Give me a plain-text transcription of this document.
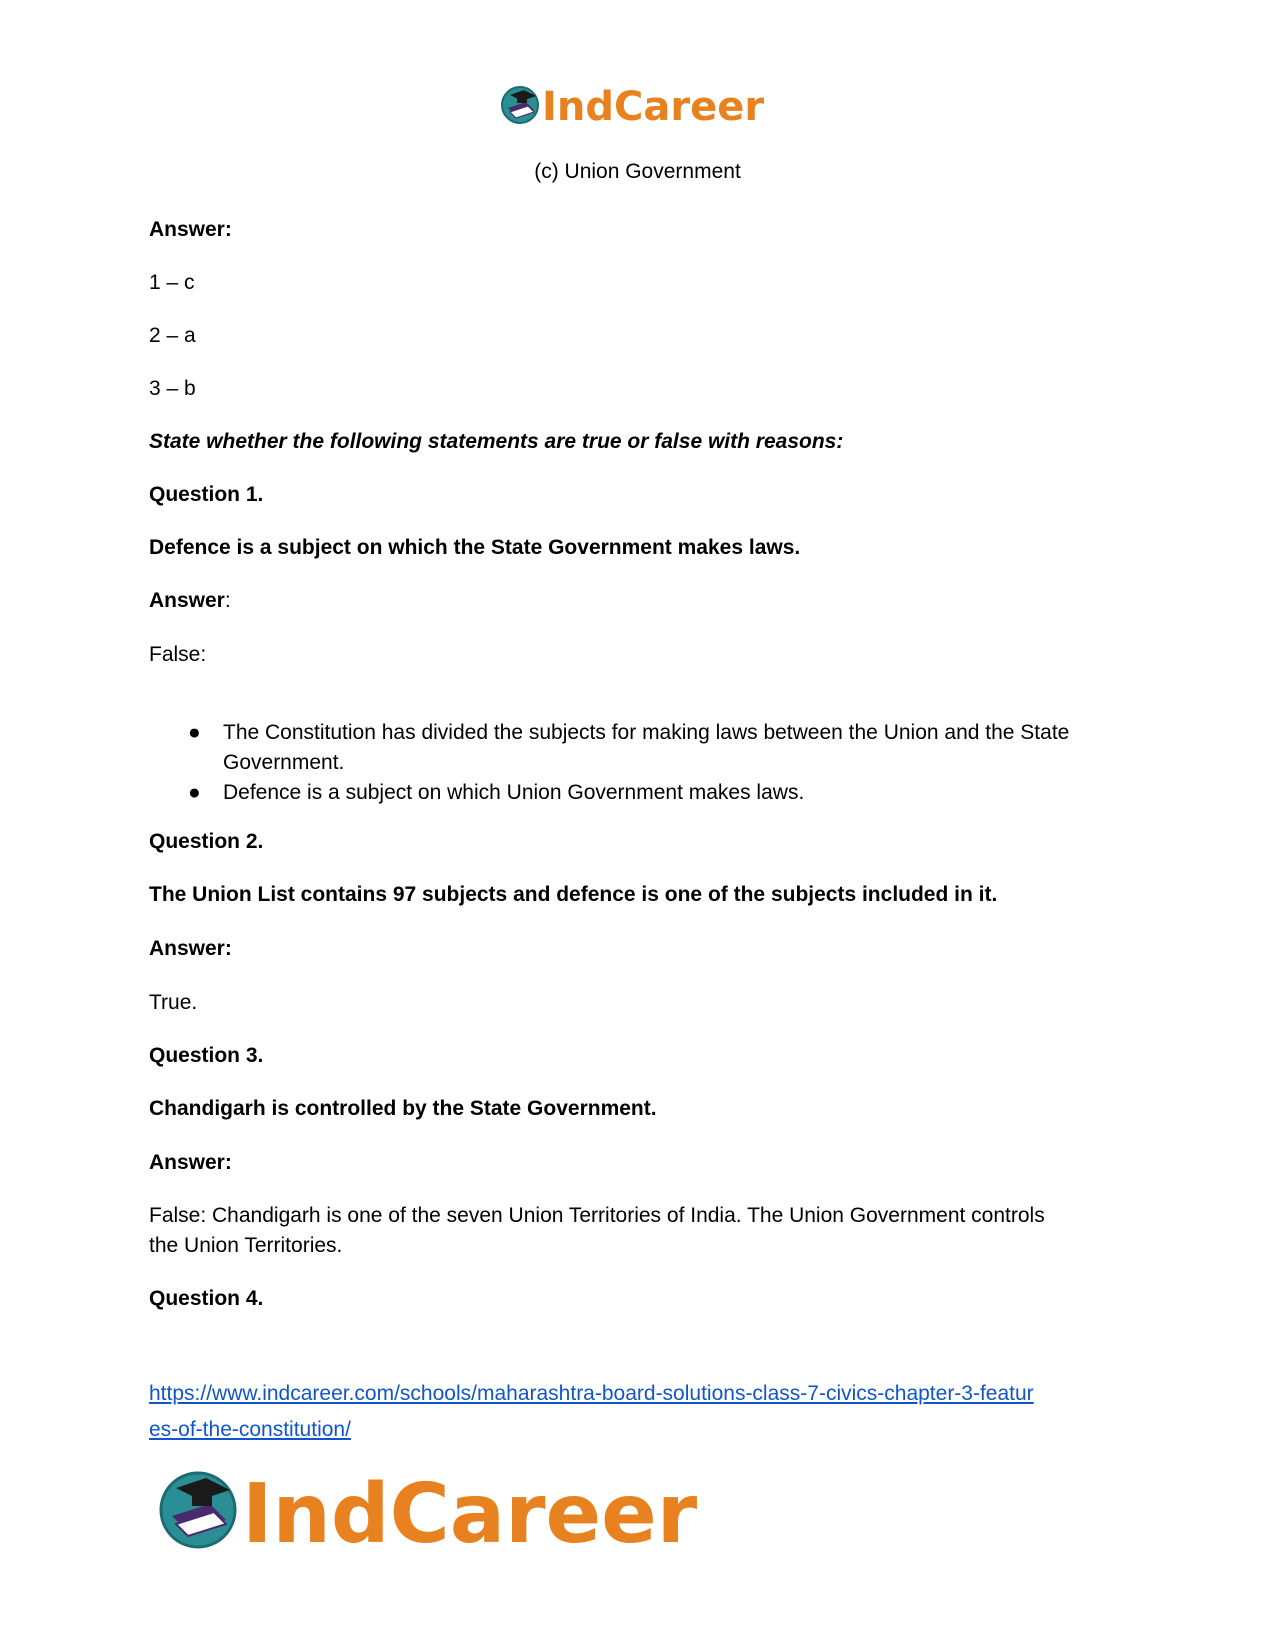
IndCareer
(c) Union Government

Answer:

1 – c

2 – a

3 – b

State whether the following statements are true or false with reasons:

Question 1.

Defence is a subject on which the State Government makes laws.

Answer:

False:

● The Constitution has divided the subjects for making laws between the Union and the State Government.
● Defence is a subject on which Union Government makes laws.

Question 2.

The Union List contains 97 subjects and defence is one of the subjects included in it.

Answer:

True.

Question 3.

Chandigarh is controlled by the State Government.

Answer:

False: Chandigarh is one of the seven Union Territories of India. The Union Government controls the Union Territories.

Question 4.

https://www.indcareer.com/schools/maharashtra-board-solutions-class-7-civics-chapter-3-featur
es-of-the-constitution/
IndCareer
